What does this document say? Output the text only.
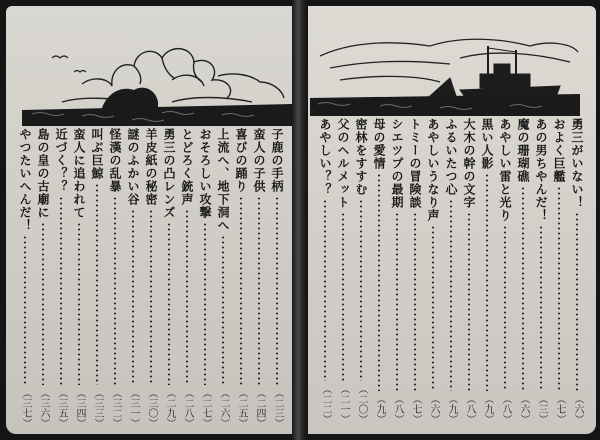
子鹿の手柄
（二三）
蛮人の子供
（二四）
喜びの踊り
（二五）
上流へ、地下洞へ
（二六）
おそろしい攻撃
（二七）
とどろく銃声
（二八）
勇三の凸レンズ
（二九）
羊皮紙の秘密
（三〇）
謎のふかい谷
（三一）
怪漢の乱暴
（三二）
叫ぶ巨鯨
（三三）
蛮人に追われて
（三四）
近づく？？
（三五）
島の皇の古廟に
（三六）
やつたいへんだ！
（三七）
勇三がいない！
（六）
およく巨艦
（七）
あの男ちやんだ！
（三）
魔の珊瑚礁
（六）
あやしい雷と光り
（八）
黒い人影
（九）
大木の幹の文字
（八）
ふるいたつ心
（九）
あやしいうなり声
（六）
トミーの冒険談
（七）
シエツプの最期
（八）
母の愛情
（九）
密林をすすむ
（二〇）
父のヘルメット
（二一）
あやしい？？
（二二）
